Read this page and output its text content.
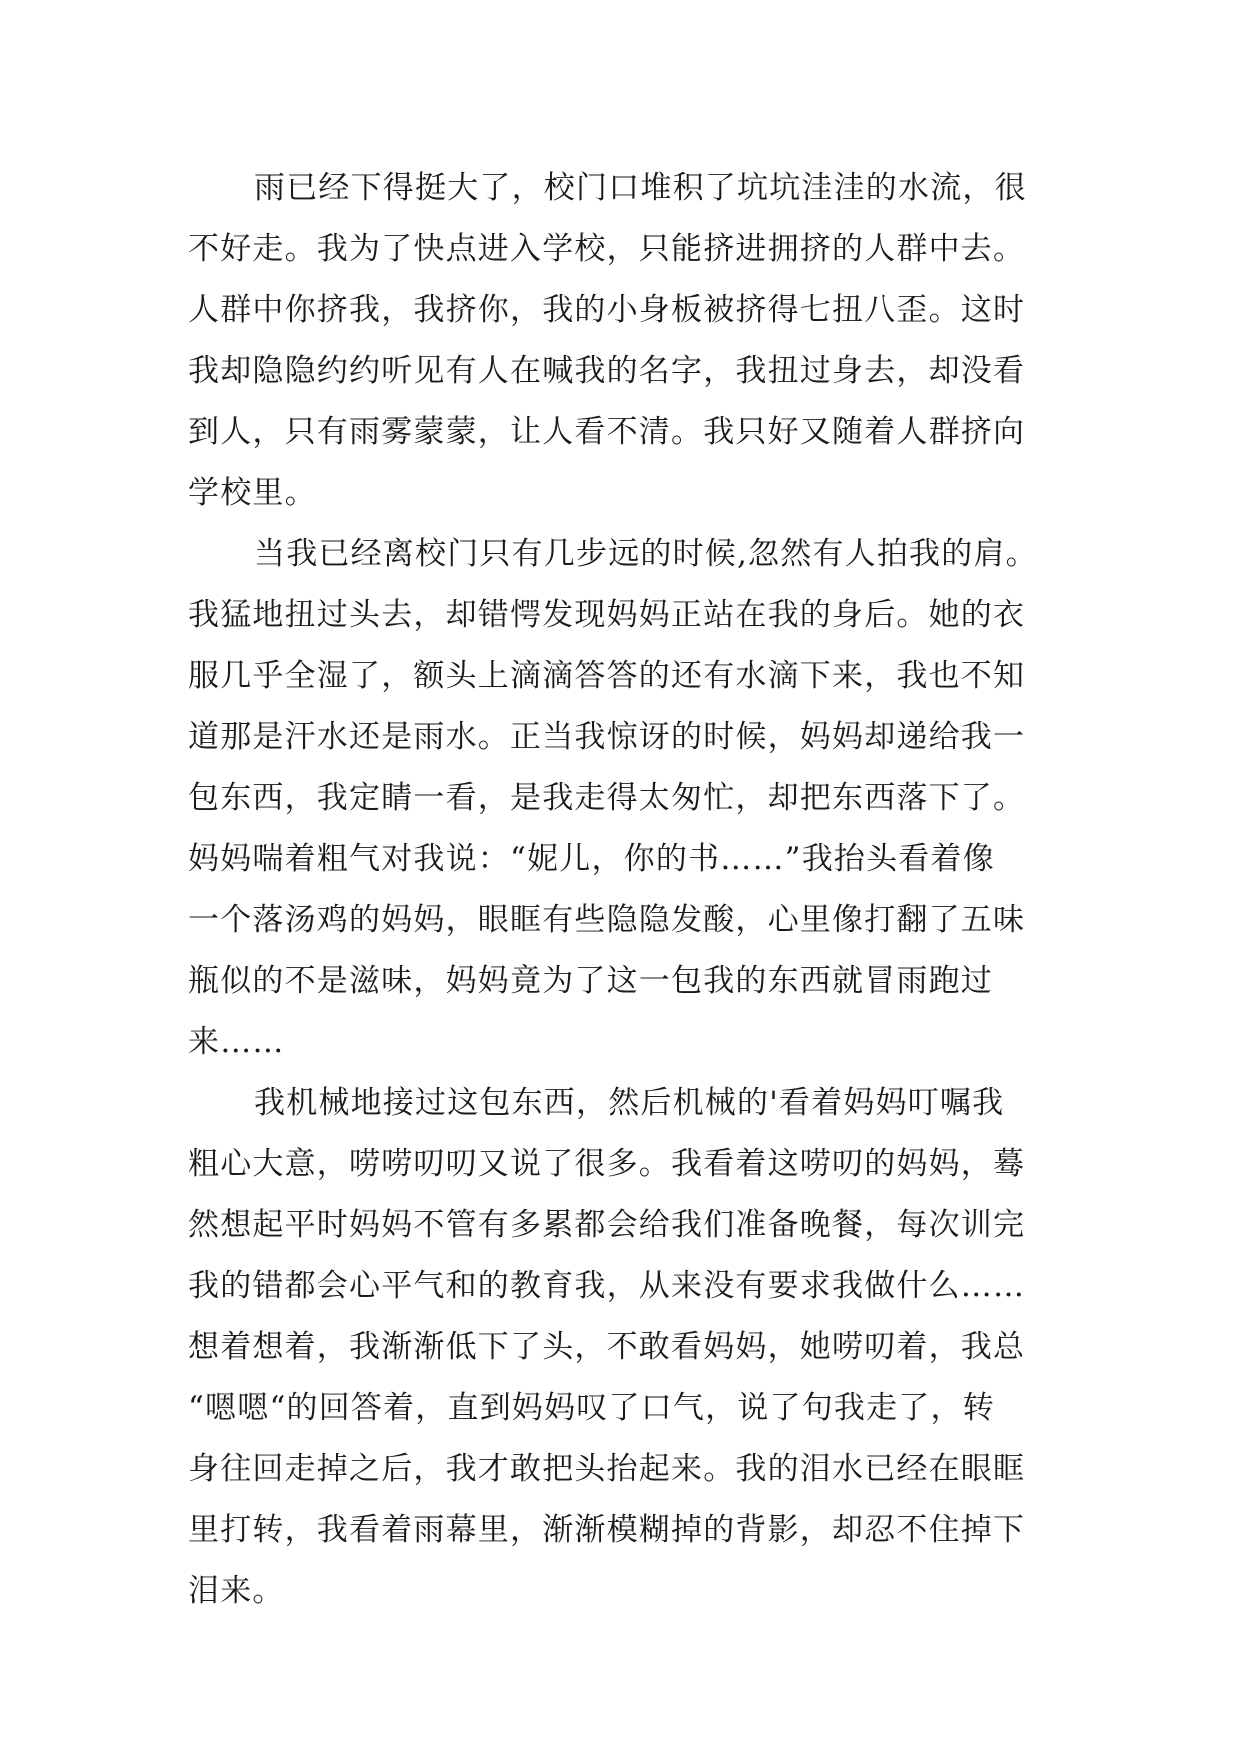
雨已经下得挺大了，校门口堆积了坑坑洼洼的水流，很
不好走。我为了快点进入学校，只能挤进拥挤的人群中去。
人群中你挤我，我挤你，我的小身板被挤得七扭八歪。这时
我却隐隐约约听见有人在喊我的名字，我扭过身去，却没看
到人，只有雨雾蒙蒙，让人看不清。我只好又随着人群挤向
学校里。
当我已经离校门只有几步远的时候,忽然有人拍我的肩。
我猛地扭过头去，却错愕发现妈妈正站在我的身后。她的衣
服几乎全湿了，额头上滴滴答答的还有水滴下来，我也不知
道那是汗水还是雨水。正当我惊讶的时候，妈妈却递给我一
包东西，我定睛一看，是我走得太匆忙，却把东西落下了。
妈妈喘着粗气对我说：“妮儿，你的书……”我抬头看着像
一个落汤鸡的妈妈，眼眶有些隐隐发酸，心里像打翻了五味
瓶似的不是滋味，妈妈竟为了这一包我的东西就冒雨跑过
来……
我机械地接过这包东西，然后机械的'看着妈妈叮嘱我
粗心大意，唠唠叨叨又说了很多。我看着这唠叨的妈妈，蓦
然想起平时妈妈不管有多累都会给我们准备晚餐，每次训完
我的错都会心平气和的教育我，从来没有要求我做什么……
想着想着，我渐渐低下了头，不敢看妈妈，她唠叨着，我总
“嗯嗯“的回答着，直到妈妈叹了口气，说了句我走了，转
身往回走掉之后，我才敢把头抬起来。我的泪水已经在眼眶
里打转，我看着雨幕里，渐渐模糊掉的背影，却忍不住掉下
泪来。
